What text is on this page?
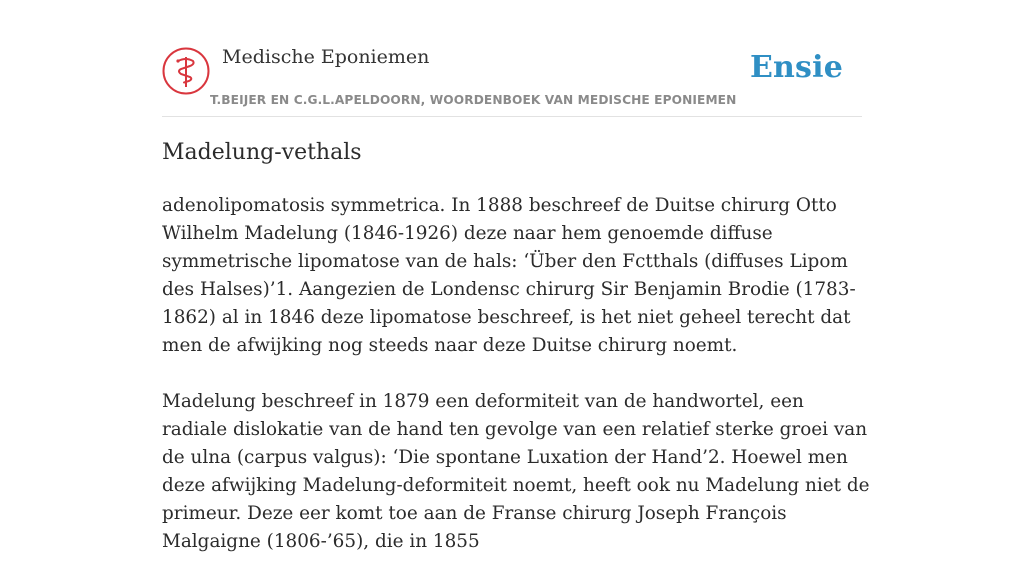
Medische Eponiemen	Ensie
T.BEIJER EN C.G.L.APELDOORN, WOORDENBOEK VAN MEDISCHE EPONIEMEN
Madelung-vethals

adenolipomatosis symmetrica. In 1888 beschreef de Duitse chirurg Otto Wilhelm Madelung (1846-1926) deze naar hem genoemde diffuse symmetrische lipomatose van de hals: ‘Über den Fctthals (diffuses Lipom des Halses)’1. Aangezien de Londensc chirurg Sir Benjamin Brodie (1783-1862) al in 1846 deze lipomatose beschreef, is het niet geheel terecht dat men de afwijking nog steeds naar deze Duitse chirurg noemt.

Madelung beschreef in 1879 een deformiteit van de handwortel, een radiale dislokatie van de hand ten gevolge van een relatief sterke groei van de ulna (carpus valgus): ‘Die spontane Luxation der Hand’2. Hoewel men deze afwijking Madelung-deformiteit noemt, heeft ook nu Madelung niet de primeur. Deze eer komt toe aan de Franse chirurg Joseph François Malgaigne (1806-’65), die in 1855
